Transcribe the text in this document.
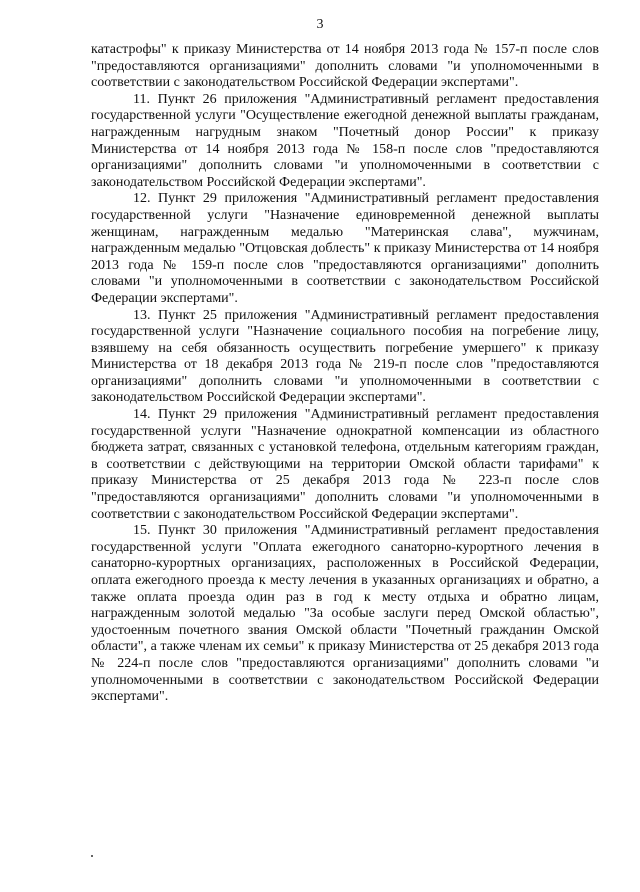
3

катастрофы" к приказу Министерства от 14 ноября 2013 года № 157-п после слов "предоставляются организациями" дополнить словами "и уполномоченными в соответствии с законодательством Российской Федерации экспертами".

11. Пункт 26 приложения "Административный регламент предоставления государственной услуги "Осуществление ежегодной денежной выплаты гражданам, награжденным нагрудным знаком "Почетный донор России" к приказу Министерства от 14 ноября 2013 года № 158-п после слов "предоставляются организациями" дополнить словами "и уполномоченными в соответствии с законодательством Российской Федерации экспертами".

12. Пункт 29 приложения "Административный регламент предоставления государственной услуги "Назначение единовременной денежной выплаты женщинам, награжденным медалью "Материнская слава", мужчинам, награжденным медалью "Отцовская доблесть" к приказу Министерства от 14 ноября 2013 года № 159-п после слов "предоставляются организациями" дополнить словами "и уполномоченными в соответствии с законодательством Российской Федерации экспертами".

13. Пункт 25 приложения "Административный регламент предоставления государственной услуги "Назначение социального пособия на погребение лицу, взявшему на себя обязанность осуществить погребение умершего" к приказу Министерства от 18 декабря 2013 года № 219-п после слов "предоставляются организациями" дополнить словами "и уполномоченными в соответствии с законодательством Российской Федерации экспертами".

14. Пункт 29 приложения "Административный регламент предоставления государственной услуги "Назначение однократной компенсации из областного бюджета затрат, связанных с установкой телефона, отдельным категориям граждан, в соответствии с действующими на территории Омской области тарифами" к приказу Министерства от 25 декабря 2013 года № 223-п после слов "предоставляются организациями" дополнить словами "и уполномоченными в соответствии с законодательством Российской Федерации экспертами".

15. Пункт 30 приложения "Административный регламент предоставления государственной услуги "Оплата ежегодного санаторно-курортного лечения в санаторно-курортных организациях, расположенных в Российской Федерации, оплата ежегодного проезда к месту лечения в указанных организациях и обратно, а также оплата проезда один раз в год к месту отдыха и обратно лицам, награжденным золотой медалью "За особые заслуги перед Омской областью", удостоенным почетного звания Омской области "Почетный гражданин Омской области", а также членам их семьи" к приказу Министерства от 25 декабря 2013 года № 224-п после слов "предоставляются организациями" дополнить словами "и уполномоченными в соответствии с законодательством Российской Федерации экспертами".
